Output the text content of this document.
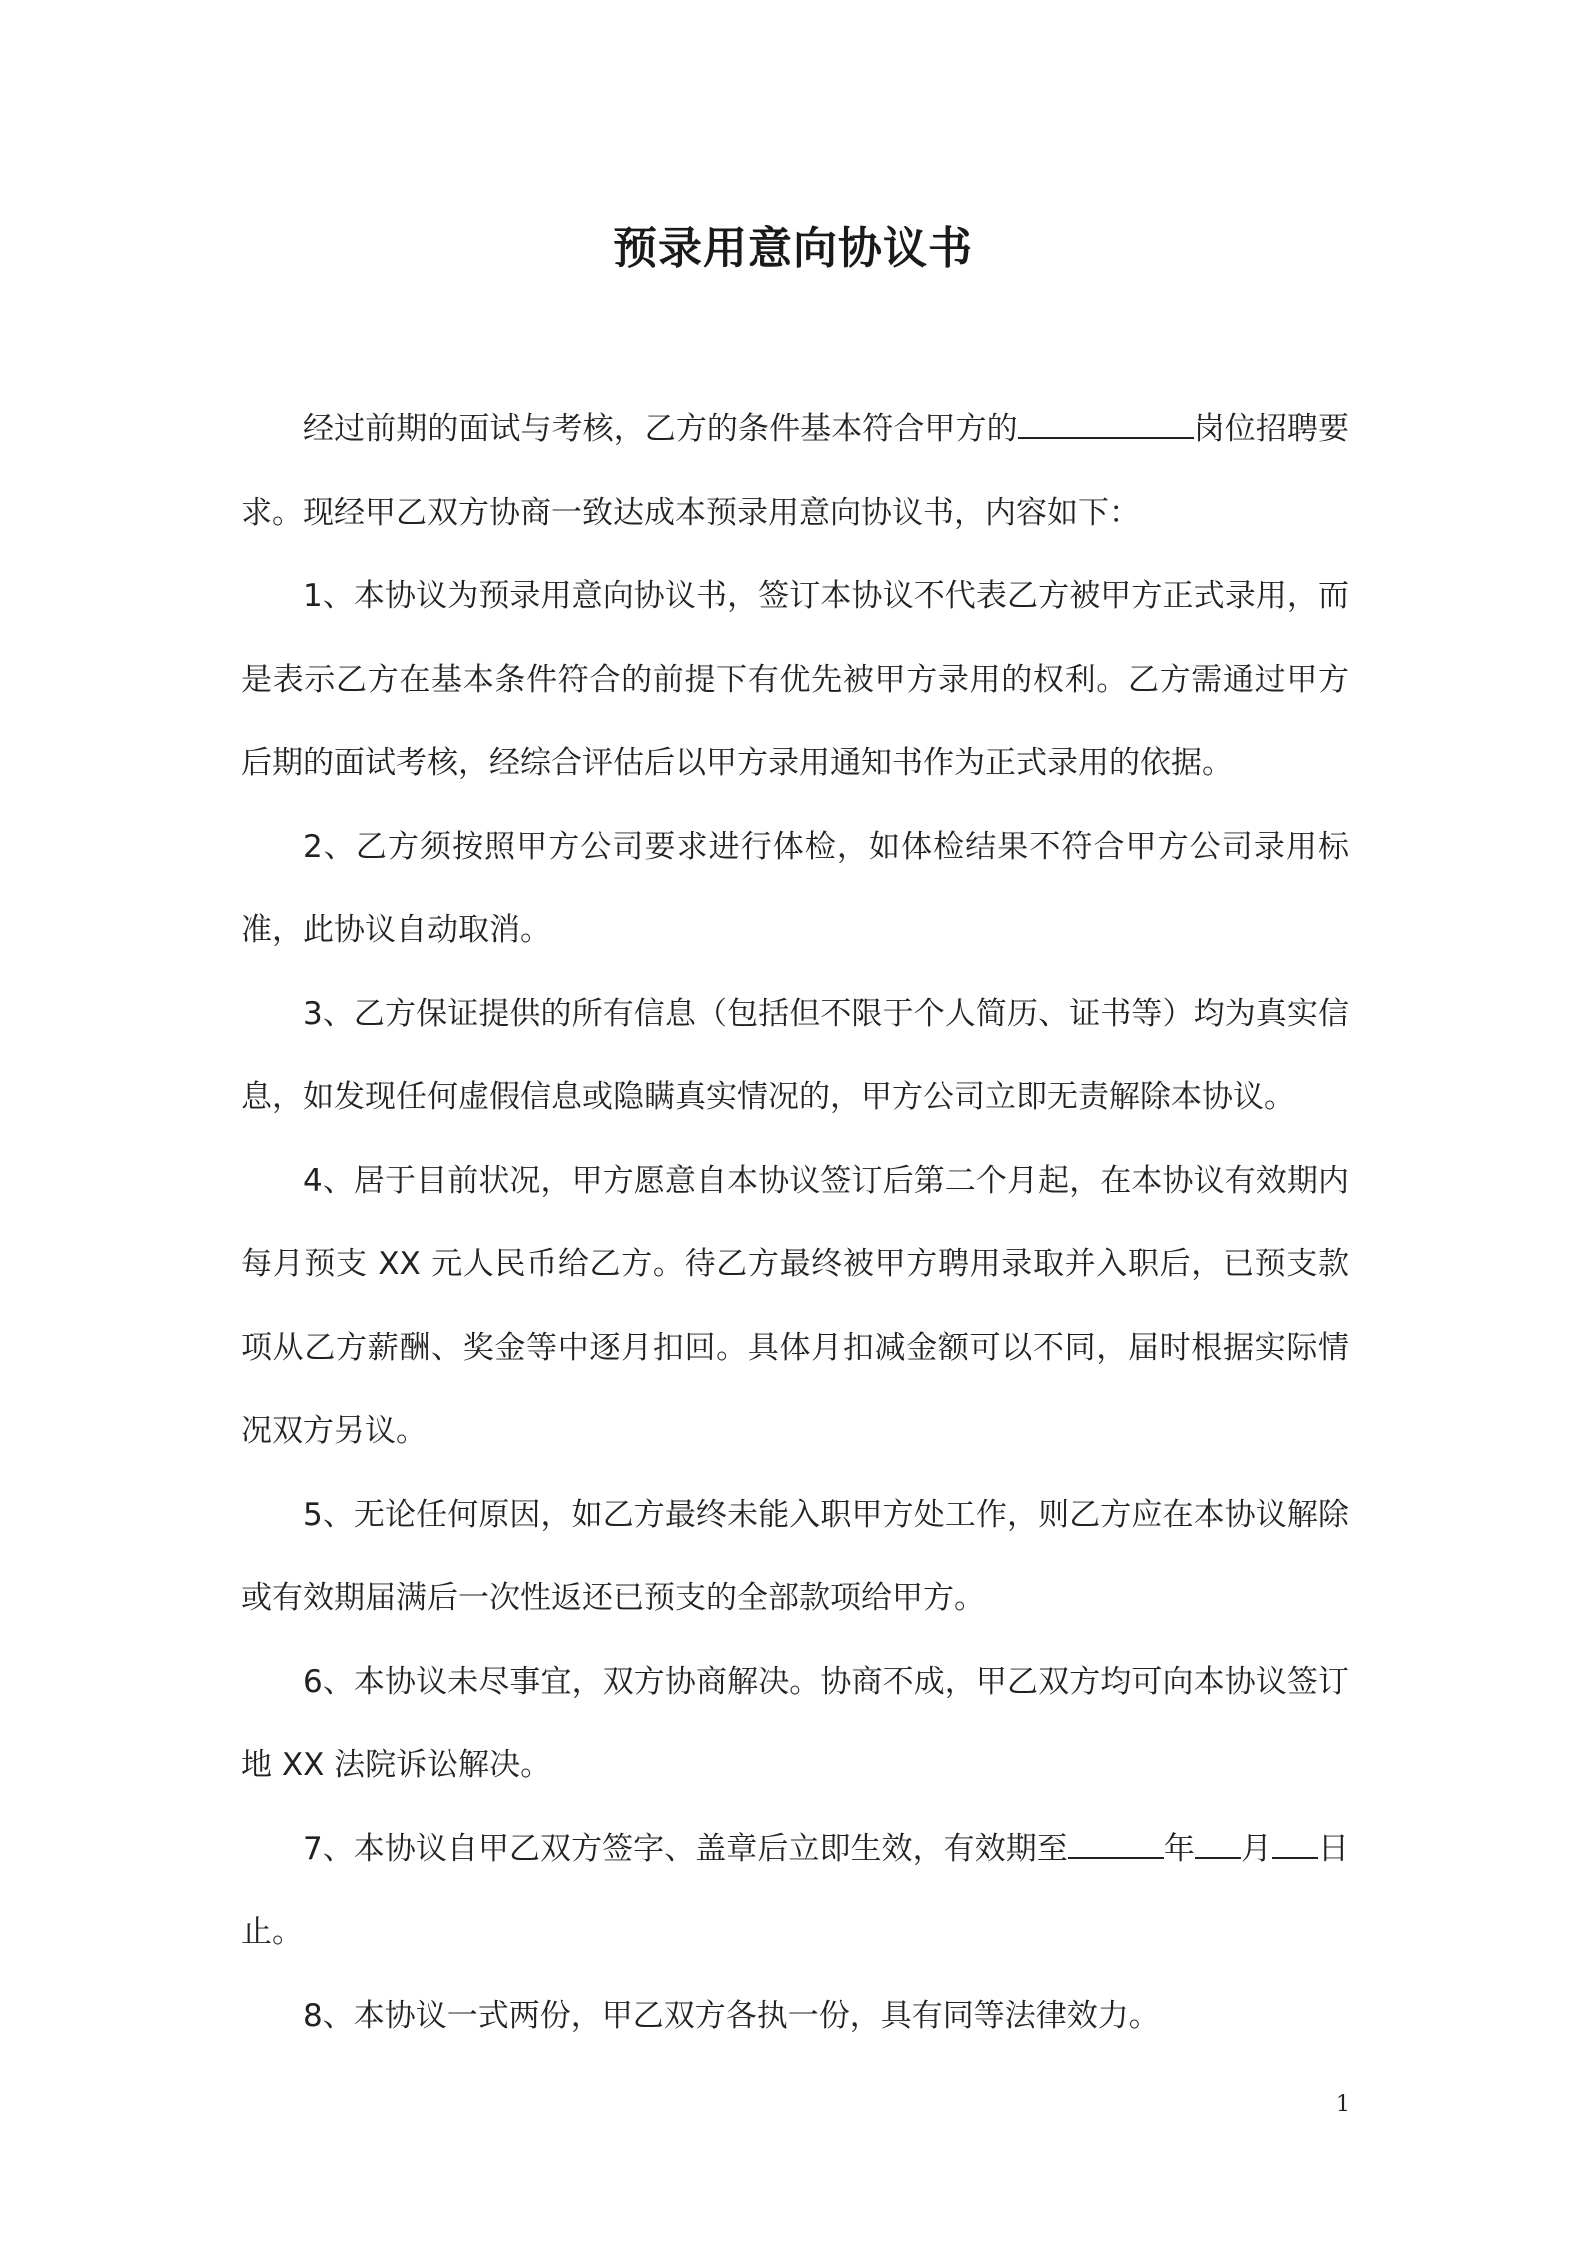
预录用意向协议书

经过前期的面试与考核，乙方的条件基本符合甲方的	岗位招聘要求。现经甲乙双方协商一致达成本预录用意向协议书，内容如下：

1、本协议为预录用意向协议书，签订本协议不代表乙方被甲方正式录用，而是表示乙方在基本条件符合的前提下有优先被甲方录用的权利。乙方需通过甲方后期的面试考核，经综合评估后以甲方录用通知书作为正式录用的依据。

2、乙方须按照甲方公司要求进行体检，如体检结果不符合甲方公司录用标准，此协议自动取消。

3、乙方保证提供的所有信息（包括但不限于个人简历、证书等）均为真实信息，如发现任何虚假信息或隐瞒真实情况的，甲方公司立即无责解除本协议。

4、居于目前状况，甲方愿意自本协议签订后第二个月起，在本协议有效期内每月预支 XX 元人民币给乙方。待乙方最终被甲方聘用录取并入职后，已预支款项从乙方薪酬、奖金等中逐月扣回。具体月扣减金额可以不同，届时根据实际情况双方另议。

5、无论任何原因，如乙方最终未能入职甲方处工作，则乙方应在本协议解除或有效期届满后一次性返还已预支的全部款项给甲方。

6、本协议未尽事宜，双方协商解决。协商不成，甲乙双方均可向本协议签订地 XX 法院诉讼解决。

7、本协议自甲乙双方签字、盖章后立即生效，有效期至	年 月 日止。

8、本协议一式两份，甲乙双方各执一份，具有同等法律效力。

1
